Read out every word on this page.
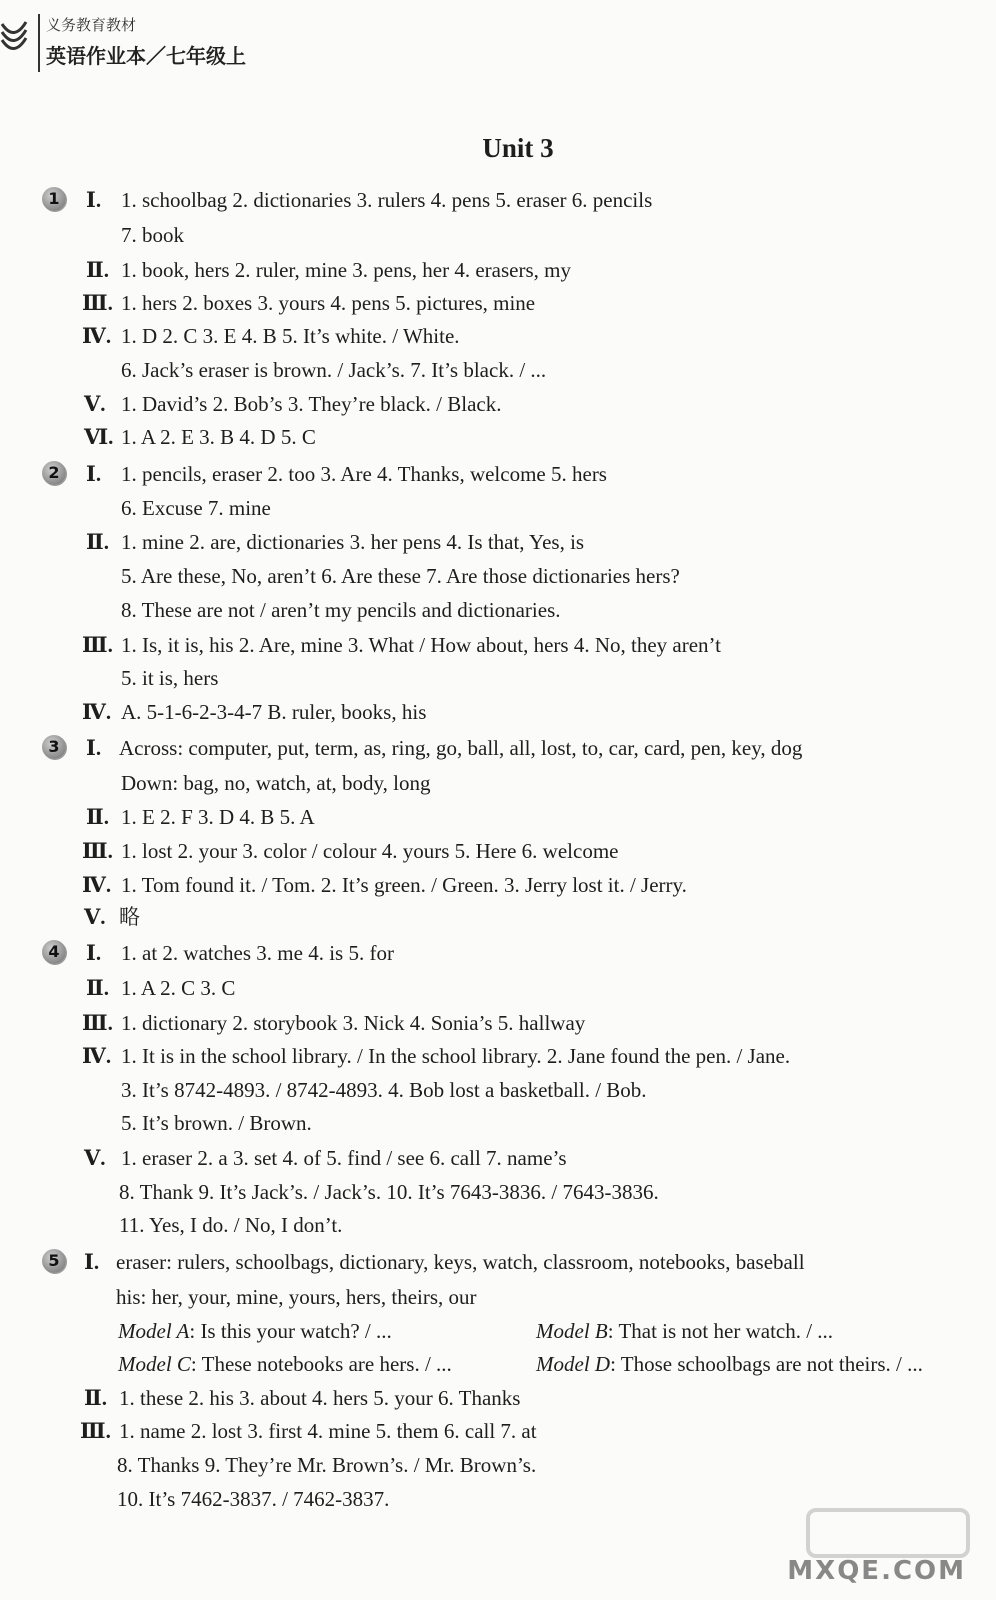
义务教育教材
英语作业本／七年级上
Unit 3
1	Ⅰ. 1. schoolbag 2. dictionaries 3. rulers 4. pens 5. eraser 6. pencils
7. book
Ⅱ. 1. book, hers 2. ruler, mine 3. pens, her 4. erasers, my
Ⅲ. 1. hers 2. boxes 3. yours 4. pens 5. pictures, mine
Ⅳ. 1. D 2. C 3. E 4. B 5. It’s white. / White.
6. Jack’s eraser is brown. / Jack’s. 7. It’s black. / ...
Ⅴ. 1. David’s 2. Bob’s 3. They’re black. / Black.
Ⅵ. 1. A 2. E 3. B 4. D 5. C
2	Ⅰ. 1. pencils, eraser 2. too 3. Are 4. Thanks, welcome 5. hers
6. Excuse 7. mine
Ⅱ. 1. mine 2. are, dictionaries 3. her pens 4. Is that, Yes, is
5. Are these, No, aren’t 6. Are these 7. Are those dictionaries hers?
8. These are not / aren’t my pencils and dictionaries.
Ⅲ. 1. Is, it is, his 2. Are, mine 3. What / How about, hers 4. No, they aren’t
5. it is, hers
Ⅳ. A. 5-1-6-2-3-4-7 B. ruler, books, his
3	Ⅰ. Across: computer, put, term, as, ring, go, ball, all, lost, to, car, card, pen, key, dog
Down: bag, no, watch, at, body, long
Ⅱ. 1. E 2. F 3. D 4. B 5. A
Ⅲ. 1. lost 2. your 3. color / colour 4. yours 5. Here 6. welcome
Ⅳ. 1. Tom found it. / Tom. 2. It’s green. / Green. 3. Jerry lost it. / Jerry.
Ⅴ. 略
4	Ⅰ. 1. at 2. watches 3. me 4. is 5. for
Ⅱ. 1. A 2. C 3. C
Ⅲ. 1. dictionary 2. storybook 3. Nick 4. Sonia’s 5. hallway
Ⅳ. 1. It is in the school library. / In the school library. 2. Jane found the pen. / Jane.
3. It’s 8742-4893. / 8742-4893. 4. Bob lost a basketball. / Bob.
5. It’s brown. / Brown.
Ⅴ. 1. eraser 2. a 3. set 4. of 5. find / see 6. call 7. name’s
8. Thank 9. It’s Jack’s. / Jack’s. 10. It’s 7643-3836. / 7643-3836.
11. Yes, I do. / No, I don’t.
5	Ⅰ. eraser: rulers, schoolbags, dictionary, keys, watch, classroom, notebooks, baseball
his: her, your, mine, yours, hers, theirs, our
Model A: Is this your watch? / ...	Model B: That is not her watch. / ...
Model C: These notebooks are hers. / ...	Model D: Those schoolbags are not theirs. / ...
Ⅱ. 1. these 2. his 3. about 4. hers 5. your 6. Thanks
Ⅲ. 1. name 2. lost 3. first 4. mine 5. them 6. call 7. at
8. Thanks 9. They’re Mr. Brown’s. / Mr. Brown’s.
10. It’s 7462-3837. / 7462-3837.
MXQE.COM
